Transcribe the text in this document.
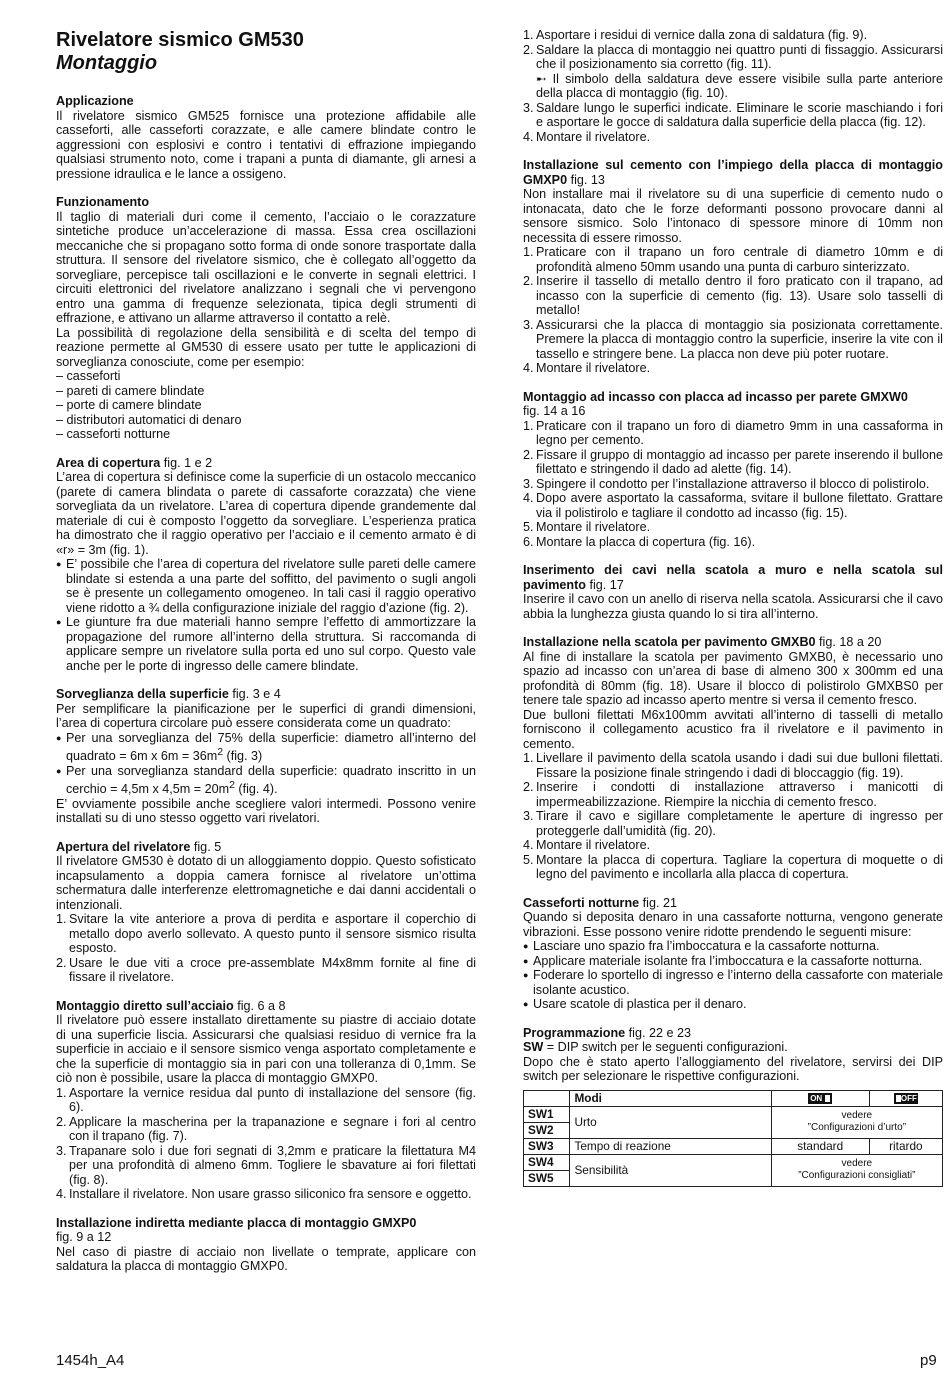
Rivelatore sismico GM530
Montaggio

Applicazione

Il rivelatore sismico GM525 fornisce una protezione affidabile alle casseforti, alle casseforti corazzate, e alle camere blindate contro le aggressioni con esplosivi e contro i tentativi di effrazione impiegando qualsiasi strumento noto, come i trapani a punta di diamante, gli arnesi a pressione idraulica e le lance a ossigeno.

Funzionamento

Il taglio di materiali duri come il cemento, l’acciaio o le corazzature sintetiche produce un’accelerazione di massa. Essa crea oscillazioni meccaniche che si propagano sotto forma di onde sonore trasportate dalla struttura. Il sensore del rivelatore sismico, che è collegato all’oggetto da sorvegliare, percepisce tali oscillazioni e le converte in segnali elettrici. I circuiti elettronici del rivelatore analizzano i segnali che vi pervengono entro una gamma di frequenze selezionata, tipica degli strumenti di effrazione, e attivano un allarme attraverso il contatto a relè.

La possibilità di regolazione della sensibilità e di scelta del tempo di reazione permette al GM530 di essere usato per tutte le applicazioni di sorveglianza conosciute, come per esempio:

– casseforti
– pareti di camere blindate
– porte di camere blindate
– distributori automatici di denaro
– casseforti notturne

Area di copertura fig. 1 e 2

L’area di copertura si definisce come la superficie di un ostacolo meccanico (parete di camera blindata o parete di cassaforte corazzata) che viene sorvegliata da un rivelatore. L’area di copertura dipende grandemente dal materiale di cui è composto l’oggetto da sorvegliare. L’esperienza pratica ha dimostrato che il raggio operativo per l’acciaio e il cemento armato è di «r» = 3m (fig. 1).

● E’ possibile che l’area di copertura del rivelatore sulle pareti delle camere blindate si estenda a una parte del soffitto, del pavimento o sugli angoli se è presente un collegamento omogeneo. In tali casi il raggio operativo viene ridotto a ¾ della configurazione iniziale del raggio d’azione (fig. 2).
● Le giunture fra due materiali hanno sempre l’effetto di ammortizzare la propagazione del rumore all’interno della struttura. Si raccomanda di applicare sempre un rivelatore sulla porta ed uno sul corpo. Questo vale anche per le porte di ingresso delle camere blindate.

Sorveglianza della superficie fig. 3 e 4

Per semplificare la pianificazione per le superfici di grandi dimensioni, l’area di copertura circolare può essere considerata come un quadrato:

● Per una sorveglianza del 75% della superficie: diametro all’interno del quadrato = 6m x $6m = 36m^2$ (fig. 3)
● Per una sorveglianza standard della superficie: quadrato inscritto in un cerchio = 4,5m x $4,5m = 20m^2$ (fig. 4).

E’ ovviamente possibile anche scegliere valori intermedi. Possono venire installati su di uno stesso oggetto vari rivelatori.

Apertura del rivelatore fig. 5

Il rivelatore GM530 è dotato di un alloggiamento doppio. Questo sofisticato incapsulamento a doppia camera fornisce al rivelatore un’ottima schermatura dalle interferenze elettromagnetiche e dai danni accidentali o intenzionali.

1. Svitare la vite anteriore a prova di perdita e asportare il coperchio di metallo dopo averlo sollevato. A questo punto il sensore sismico risulta esposto.
2. Usare le due viti a croce pre-assemblate M4x8mm fornite al fine di fissare il rivelatore.

Montaggio diretto sull’acciaio fig. 6 a 8

Il rivelatore può essere installato direttamente su piastre di acciaio dotate di una superficie liscia. Assicurarsi che qualsiasi residuo di vernice fra la superficie in acciaio e il sensore sismico venga asportato completamente e che la superficie di montaggio sia in pari con una tolleranza di 0,1mm. Se ciò non è possibile, usare la placca di montaggio GMXP0.

1. Asportare la vernice residua dal punto di installazione del sensore (fig. 6).
2. Applicare la mascherina per la trapanazione e segnare i fori al centro con il trapano (fig. 7).
3. Trapanare solo i due fori segnati di 3,2mm e praticare la filettatura M4 per una profondità di almeno 6mm. Togliere le sbavature ai fori filettati (fig. 8).
4. Installare il rivelatore. Non usare grasso siliconico fra sensore e oggetto.

Installazione indiretta mediante placca di montaggio GMXP0

fig. 9 a 12

Nel caso di piastre di acciaio non livellate o temprate, applicare con saldatura la placca di montaggio GMXP0.

1. Asportare i residui di vernice dalla zona di saldatura (fig. 9).
2. Saldare la placca di montaggio nei quattro punti di fissaggio. Assicurarsi che il posizionamento sia corretto (fig. 11).
➸ Il simbolo della saldatura deve essere visibile sulla parte anteriore della placca di montaggio (fig. 10).
3. Saldare lungo le superfici indicate. Eliminare le scorie maschiando i fori e asportare le gocce di saldatura dalla superficie della placca (fig. 12).
4. Montare il rivelatore.

Installazione sul cemento con l’impiego della placca di montaggio GMXP0 fig. 13

Non installare mai il rivelatore su di una superficie di cemento nudo o intonacata, dato che le forze deformanti possono provocare danni al sensore sismico. Solo l’intonaco di spessore minore di 10mm non necessita di essere rimosso.

1. Praticare con il trapano un foro centrale di diametro 10mm e di profondità almeno 50mm usando una punta di carburo sinterizzato.
2. Inserire il tassello di metallo dentro il foro praticato con il trapano, ad incasso con la superficie di cemento (fig. 13). Usare solo tasselli di metallo!
3. Assicurarsi che la placca di montaggio sia posizionata correttamente. Premere la placca di montaggio contro la superficie, inserire la vite con il tassello e stringere bene. La placca non deve più poter ruotare.
4. Montare il rivelatore.

Montaggio ad incasso con placca ad incasso per parete GMXW0

fig. 14 a 16

1. Praticare con il trapano un foro di diametro 9mm in una cassaforma in legno per cemento.
2. Fissare il gruppo di montaggio ad incasso per parete inserendo il bullone filettato e stringendo il dado ad alette (fig. 14).
3. Spingere il condotto per l’installazione attraverso il blocco di polistirolo.
4. Dopo avere asportato la cassaforma, svitare il bullone filettato. Grattare via il polistirolo e tagliare il condotto ad incasso (fig. 15).
5. Montare il rivelatore.
6. Montare la placca di copertura (fig. 16).

Inserimento dei cavi nella scatola a muro e nella scatola sul pavimento fig. 17

Inserire il cavo con un anello di riserva nella scatola. Assicurarsi che il cavo abbia la lunghezza giusta quando lo si tira all’interno.

Installazione nella scatola per pavimento GMXB0 fig. 18 a 20

Al fine di installare la scatola per pavimento GMXB0, è necessario uno spazio ad incasso con un’area di base di almeno 300 x 300mm ed una profondità di 80mm (fig. 18). Usare il blocco di polistirolo GMXBS0 per tenere tale spazio ad incasso aperto mentre si versa il cemento fresco.

Due bulloni filettati M6x100mm avvitati all’interno di tasselli di metallo forniscono il collegamento acustico fra il rivelatore e il pavimento in cemento.

1. Livellare il pavimento della scatola usando i dadi sui due bulloni filettati. Fissare la posizione finale stringendo i dadi di bloccaggio (fig. 19).
2. Inserire i condotti di installazione attraverso i manicotti di impermeabilizzazione. Riempire la nicchia di cemento fresco.
3. Tirare il cavo e sigillare completamente le aperture di ingresso per proteggerle dall’umidità (fig. 20).
4. Montare il rivelatore.
5. Montare la placca di copertura. Tagliare la copertura di moquette o di legno del pavimento e incollarla alla placca di copertura.

Casseforti notturne fig. 21

Quando si deposita denaro in una cassaforte notturna, vengono generate vibrazioni. Esse possono venire ridotte prendendo le seguenti misure:

● Lasciare uno spazio fra l’imboccatura e la cassaforte notturna.
● Applicare materiale isolante fra l’imboccatura e la cassaforte notturna.
● Foderare lo sportello di ingresso e l’interno della cassaforte con materiale isolante acustico.
● Usare scatole di plastica per il denaro.

Programmazione fig. 22 e 23

SW = DIP switch per le seguenti configurazioni.

Dopo che è stato aperto l’alloggiamento del rivelatore, servirsi dei DIP switch per selezionare le rispettive configurazioni.

	Modi	ON	OFF

SW1	Urto	vedere
”Configurazioni d’urto”	
SW2			
SW3	Tempo di reazione	standard	ritardo
SW4	Sensibilità	vedere
”Configurazioni consigliati”	
SW5			
1454h_A4	p9
